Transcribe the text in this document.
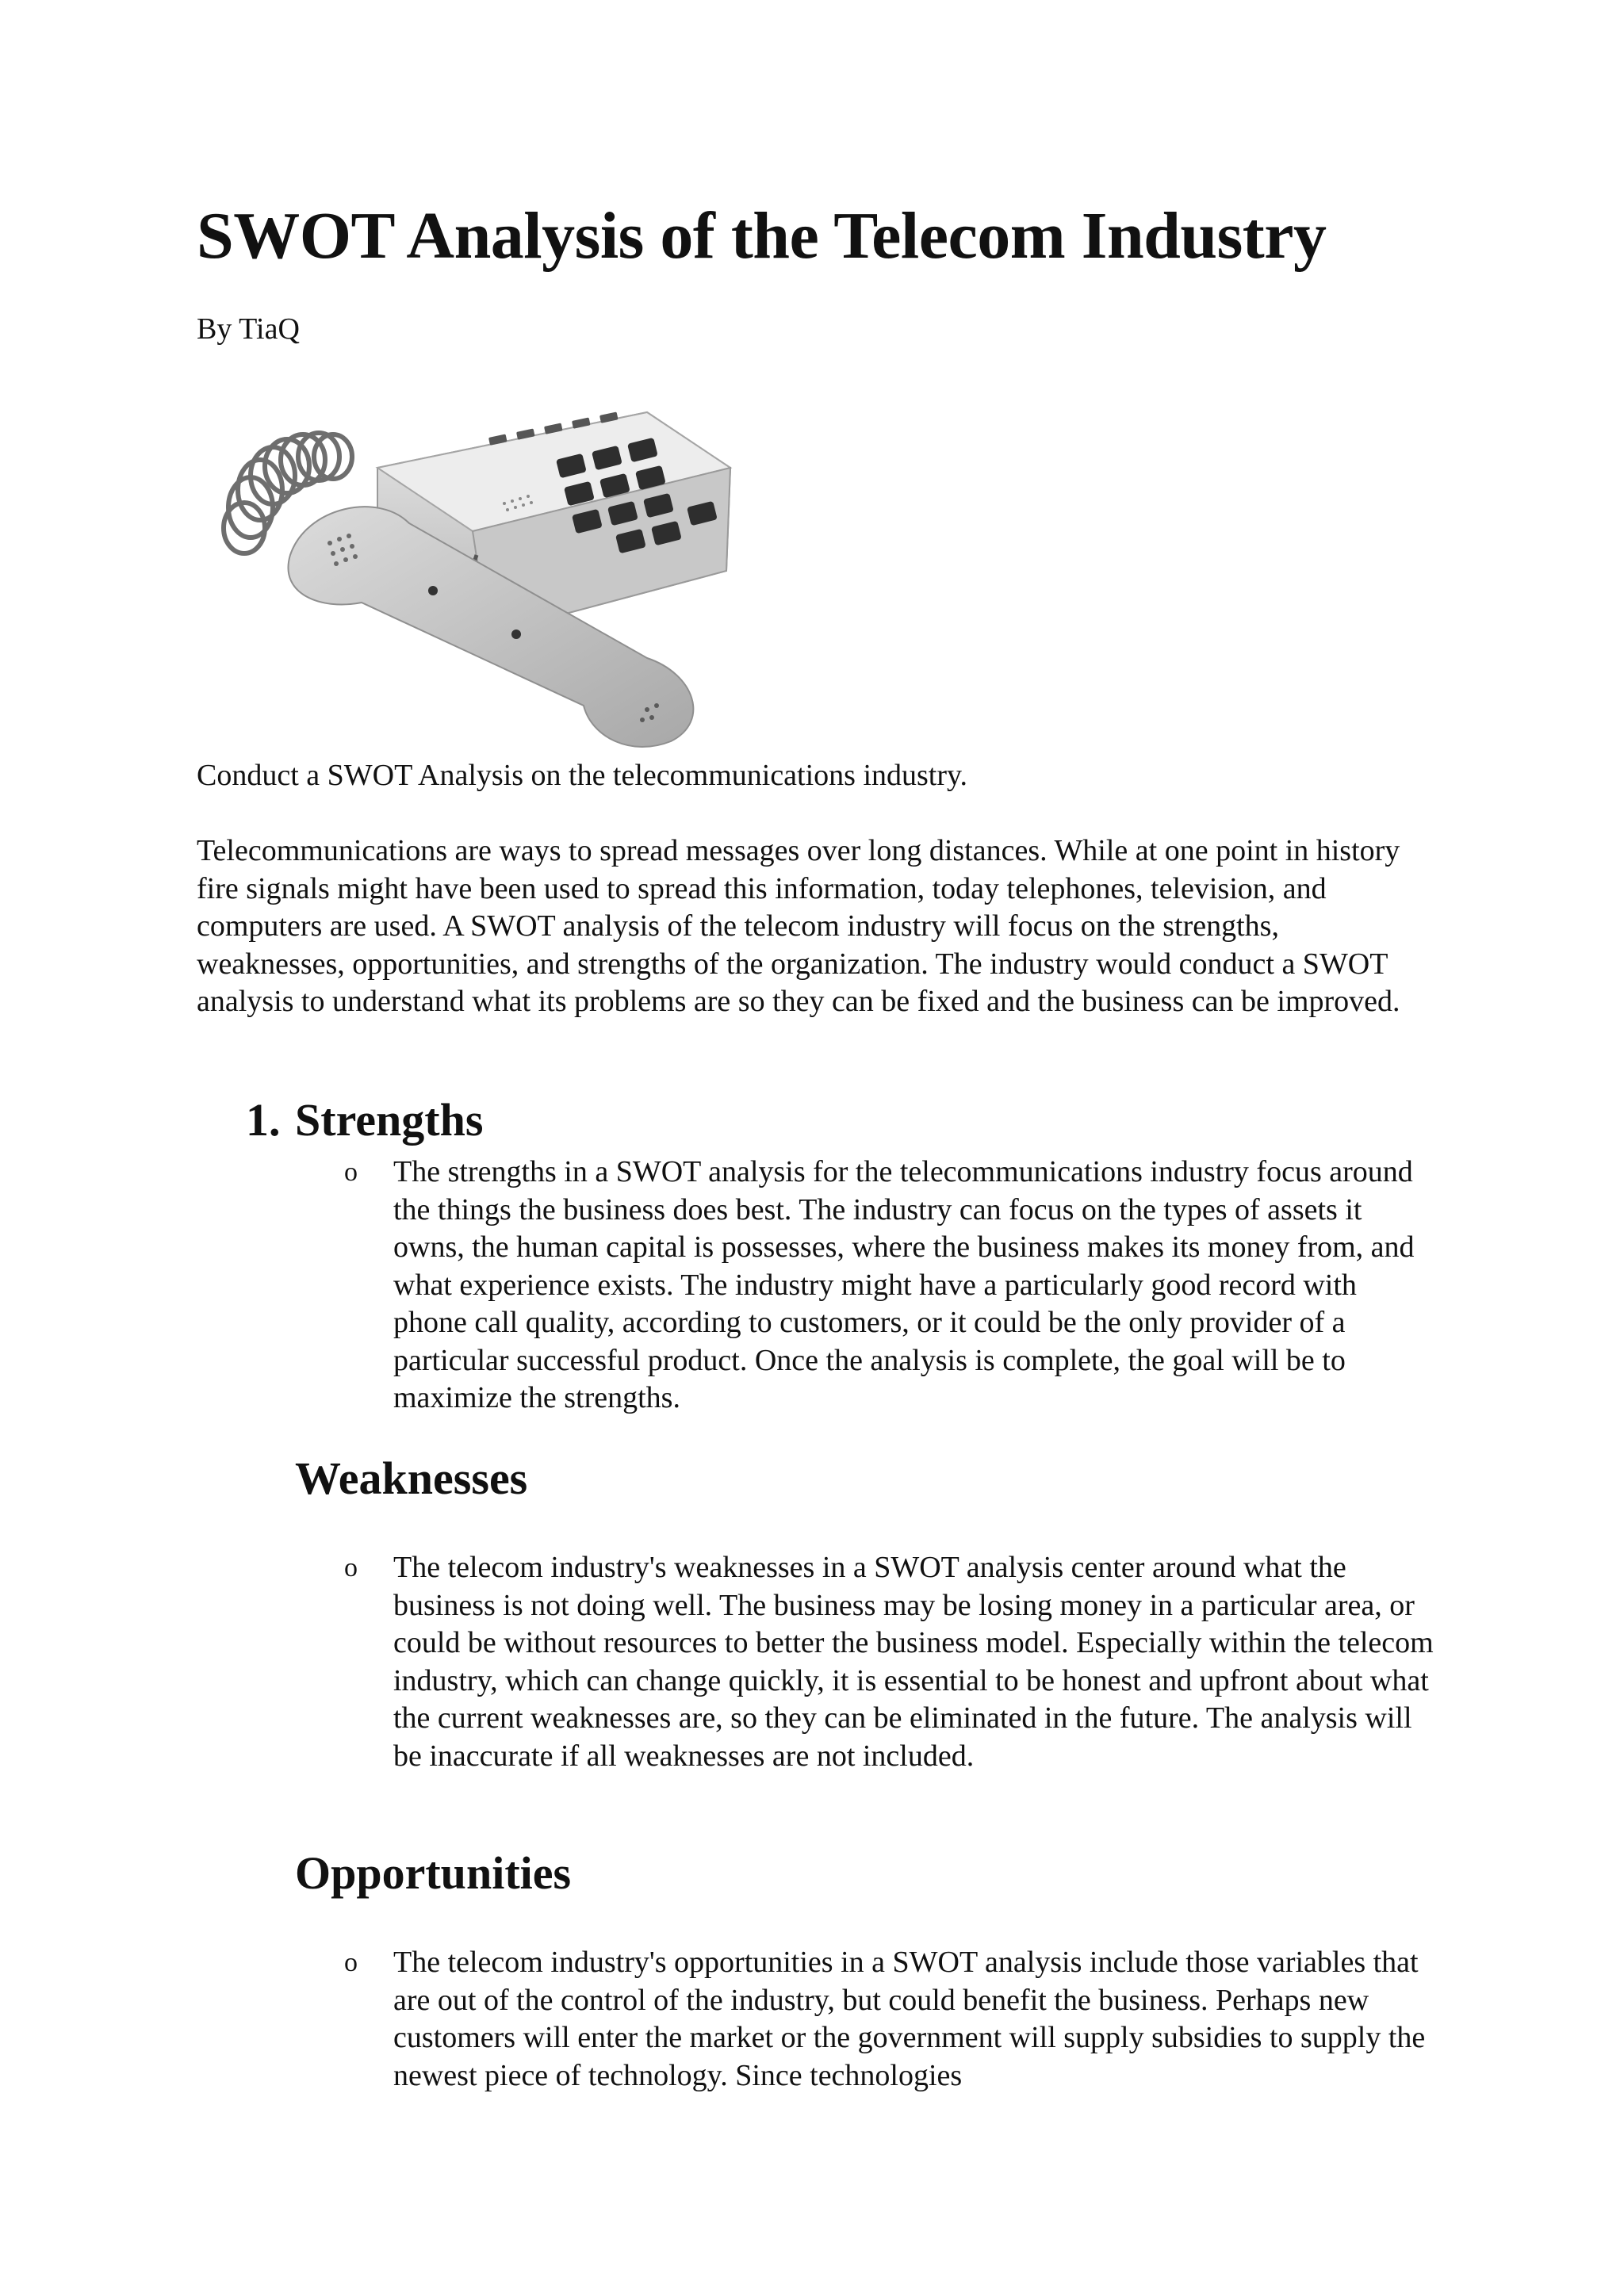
SWOT Analysis of the Telecom Industry

By TiaQ

Conduct a SWOT Analysis on the telecommunications industry.

Telecommunications are ways to spread messages over long distances. While at one point in history fire signals might have been used to spread this information, today telephones, television, and computers are used. A SWOT analysis of the telecom industry will focus on the strengths, weaknesses, opportunities, and strengths of the organization. The industry would conduct a SWOT analysis to understand what its problems are so they can be fixed and the business can be improved.

1. Strengths
o The strengths in a SWOT analysis for the telecommunications industry focus around the things the business does best. The industry can focus on the types of assets it owns, the human capital is possesses, where the business makes its money from, and what experience exists. The industry might have a particularly good record with phone call quality, according to customers, or it could be the only provider of a particular successful product. Once the analysis is complete, the goal will be to maximize the strengths.

Weaknesses
o The telecom industry's weaknesses in a SWOT analysis center around what the business is not doing well. The business may be losing money in a particular area, or could be without resources to better the business model. Especially within the telecom industry, which can change quickly, it is essential to be honest and upfront about what the current weaknesses are, so they can be eliminated in the future. The analysis will be inaccurate if all weaknesses are not included.

Opportunities
o The telecom industry's opportunities in a SWOT analysis include those variables that are out of the control of the industry, but could benefit the business. Perhaps new customers will enter the market or the government will supply subsidies to supply the newest piece of technology. Since technologies
